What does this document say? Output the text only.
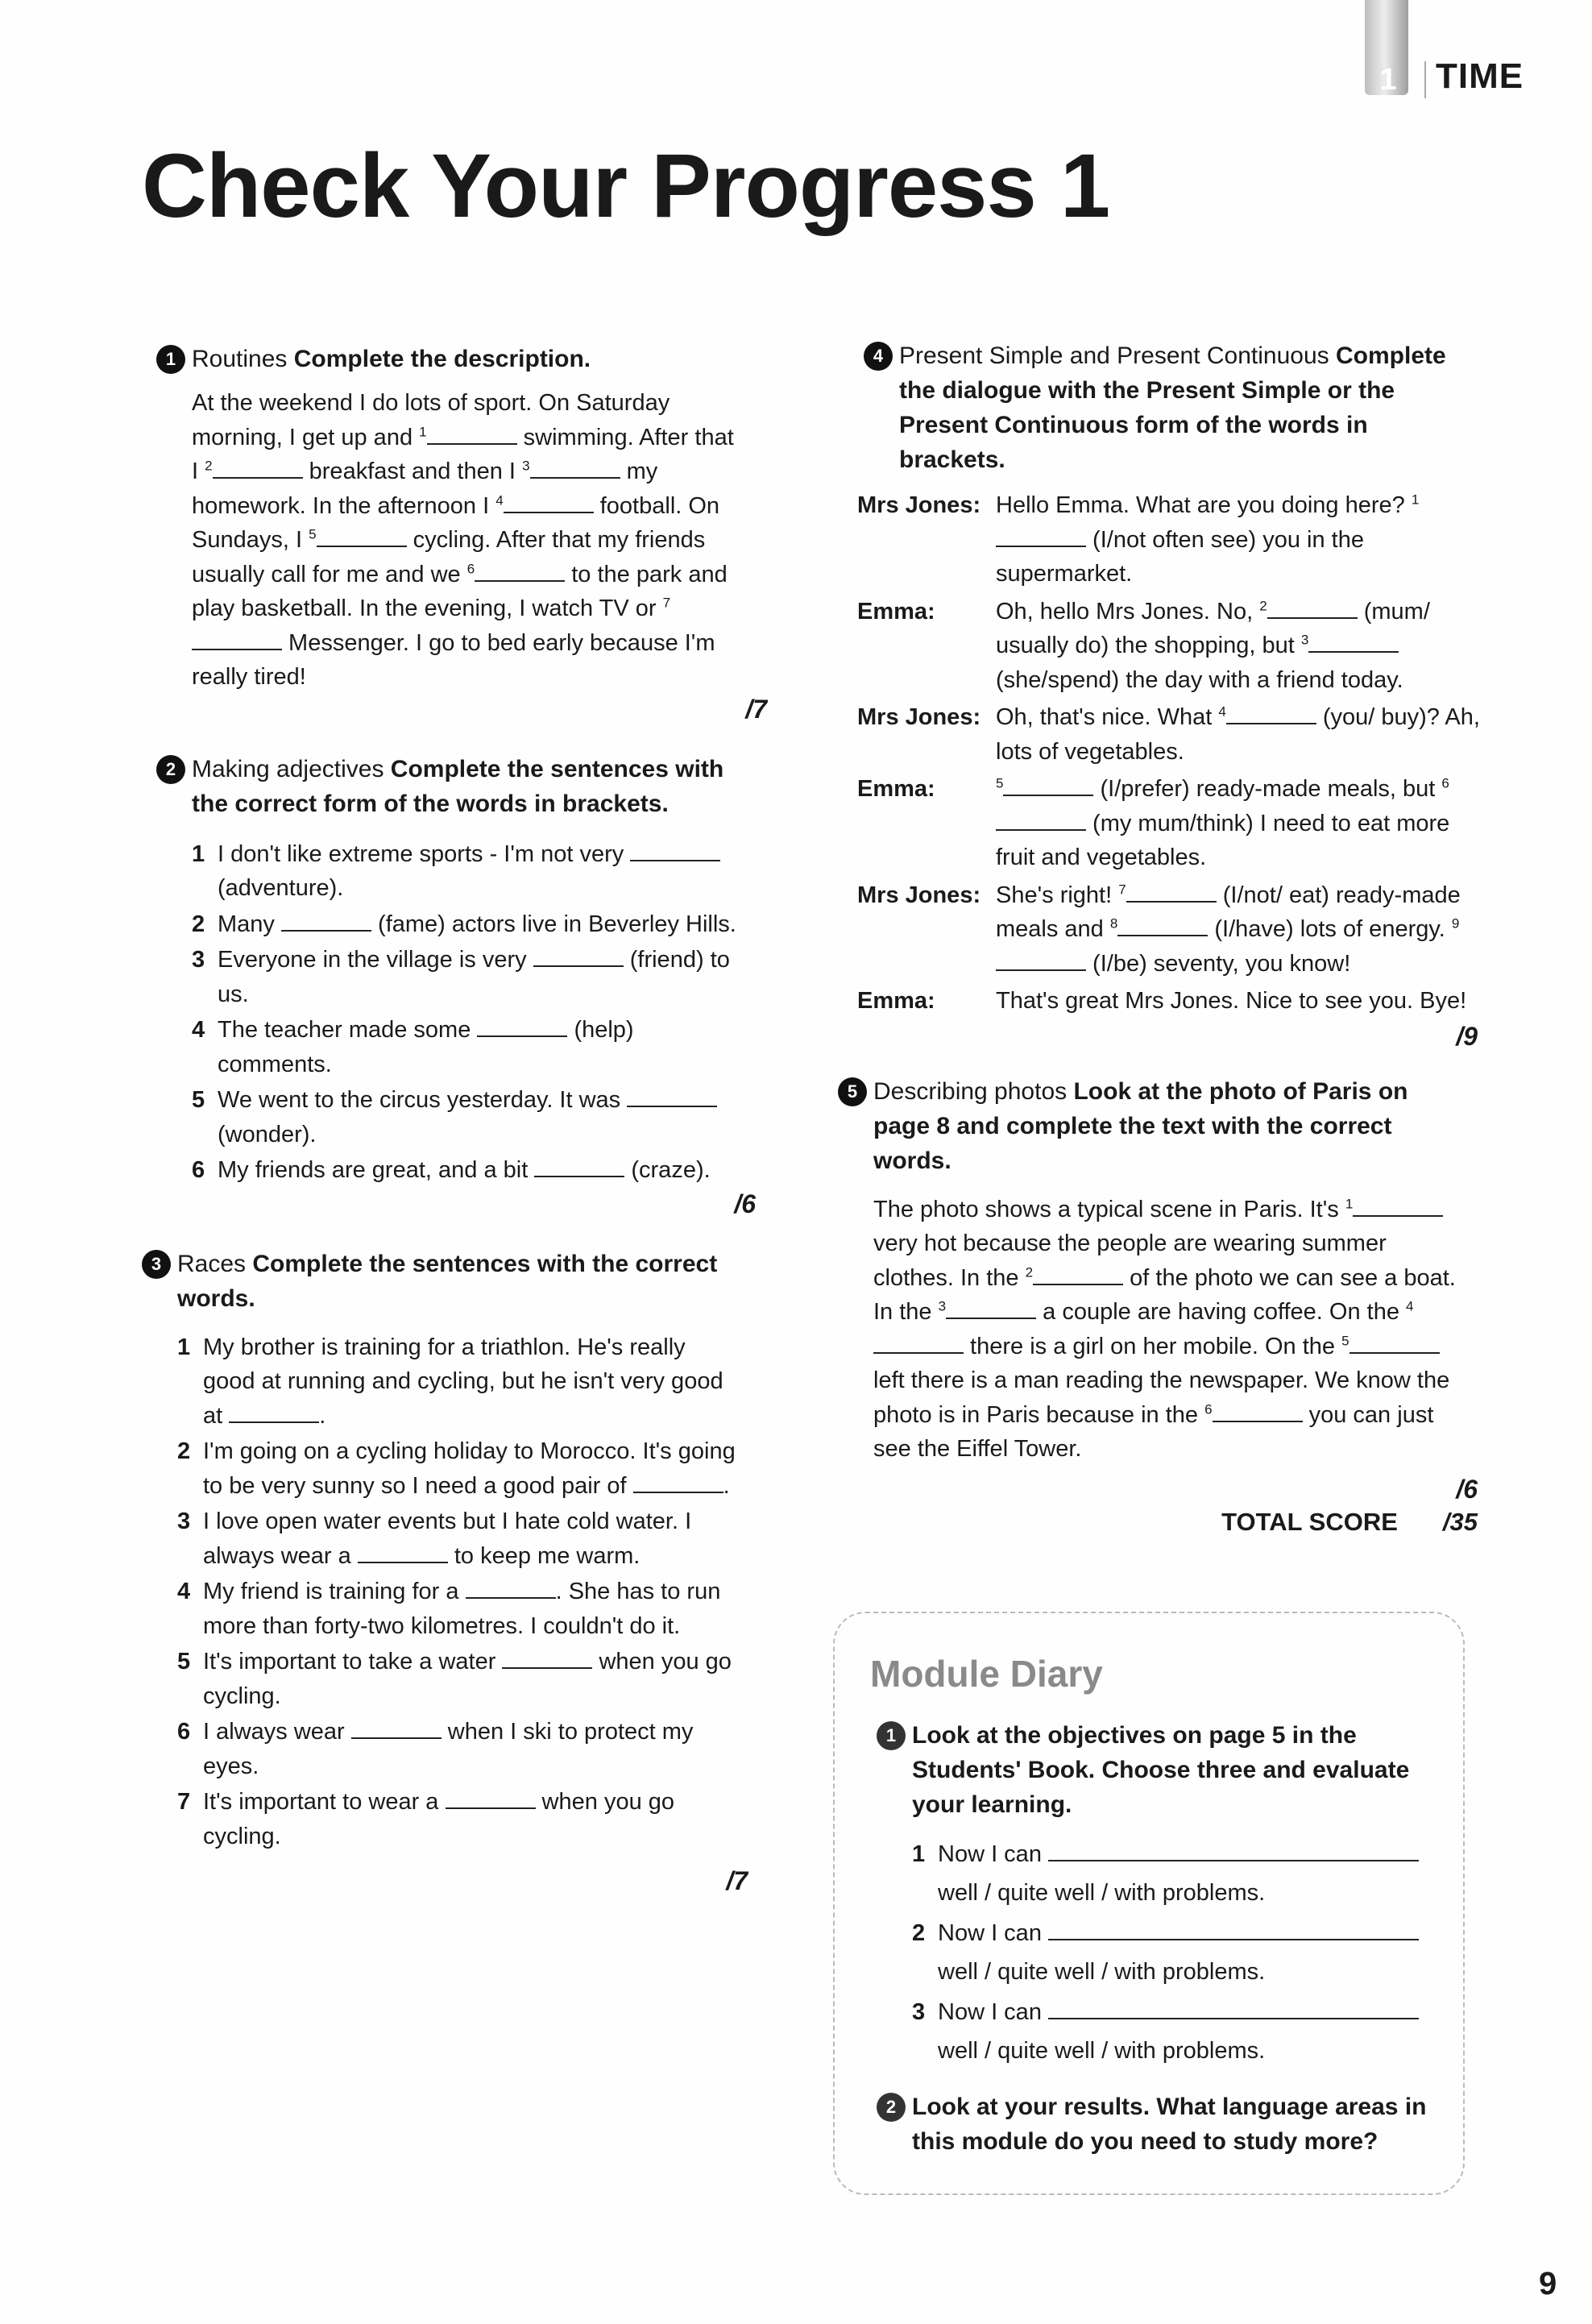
1	TIME
Check Your Progress 1
1 Routines Complete the description.

At the weekend I do lots of sport. On Saturday morning, I get up and $^1$	swimming. After that I $^2$	breakfast and then I $^3$	my homework. In the afternoon I $^4$	football. On Sundays, I $^5$	cycling. After that my friends usually call for me and we $^6$	to the park and play basketball. In the evening, I watch TV or $^7$ Messenger. I go to bed early because I'm really tired!

/7
2 Making adjectives Complete the sentences with the correct form of the words in brackets.
1 I don't like extreme sports - I'm not very  (adventure).
2 Many	(fame) actors live in Beverley Hills.
3 Everyone in the village is very	(friend) to us.
4 The teacher made some	(help) comments.
5 We went to the circus yesterday. It was  (wonder).
6 My friends are great, and a bit	(craze).
/6
3 Races Complete the sentences with the correct words.
1 My brother is training for a triathlon. He's really good at running and cycling, but he isn't very good at	.
2 I'm going on a cycling holiday to Morocco. It's going to be very sunny so I need a good pair of	.
3 I love open water events but I hate cold water. I always wear a	to keep me warm.
4 My friend is training for a	. She has to run more than forty-two kilometres. I couldn't do it.
5 It's important to take a water	when you go cycling.
6 I always wear	when I ski to protect my eyes.
7 It's important to wear a	when you go cycling.
/7
4 Present Simple and Present Continuous Complete the dialogue with the Present Simple or the Present Continuous form of the words in brackets.
Mrs Jones: Hello Emma. What are you doing here? $^1$ (I/not often see) you in the supermarket.
Emma:	Oh, hello Mrs Jones. No, $^2$	(mum/ usually do) the shopping, but $^3$ (she/spend) the day with a friend today.
Mrs Jones: Oh, that's nice. What $^4$	(you/ buy)? Ah, lots of vegetables.
Emma:	$^5$	(I/prefer) ready-made meals, but $^6$ (my mum/think) I need to eat more fruit and vegetables.
Mrs Jones: She's right! $^7$	(I/not/ eat) ready-made meals and $^8$	(I/have) lots of energy. $^9$ (I/be) seventy, you know!
Emma:	That's great Mrs Jones. Nice to see you. Bye!
/9
5 Describing photos Look at the photo of Paris on page 8 and complete the text with the correct words.

The photo shows a typical scene in Paris. It's $^1$ very hot because the people are wearing summer clothes. In the $^2$	of the photo we can see a boat. In the $^3$	a couple are having coffee. On the $^4$ there is a girl on her mobile. On the $^5$ left there is a man reading the newspaper. We know the photo is in Paris because in the $^6$	you can just see the Eiffel Tower.

/6
TOTAL SCORE /35
Module Diary
1 Look at the objectives on page 5 in the Students' Book. Choose three and evaluate your learning.
1 Now I can
well / quite well / with problems.
2 Now I can
well / quite well / with problems.
3 Now I can
well / quite well / with problems.
2 Look at your results. What language areas in this module do you need to study more?
9
